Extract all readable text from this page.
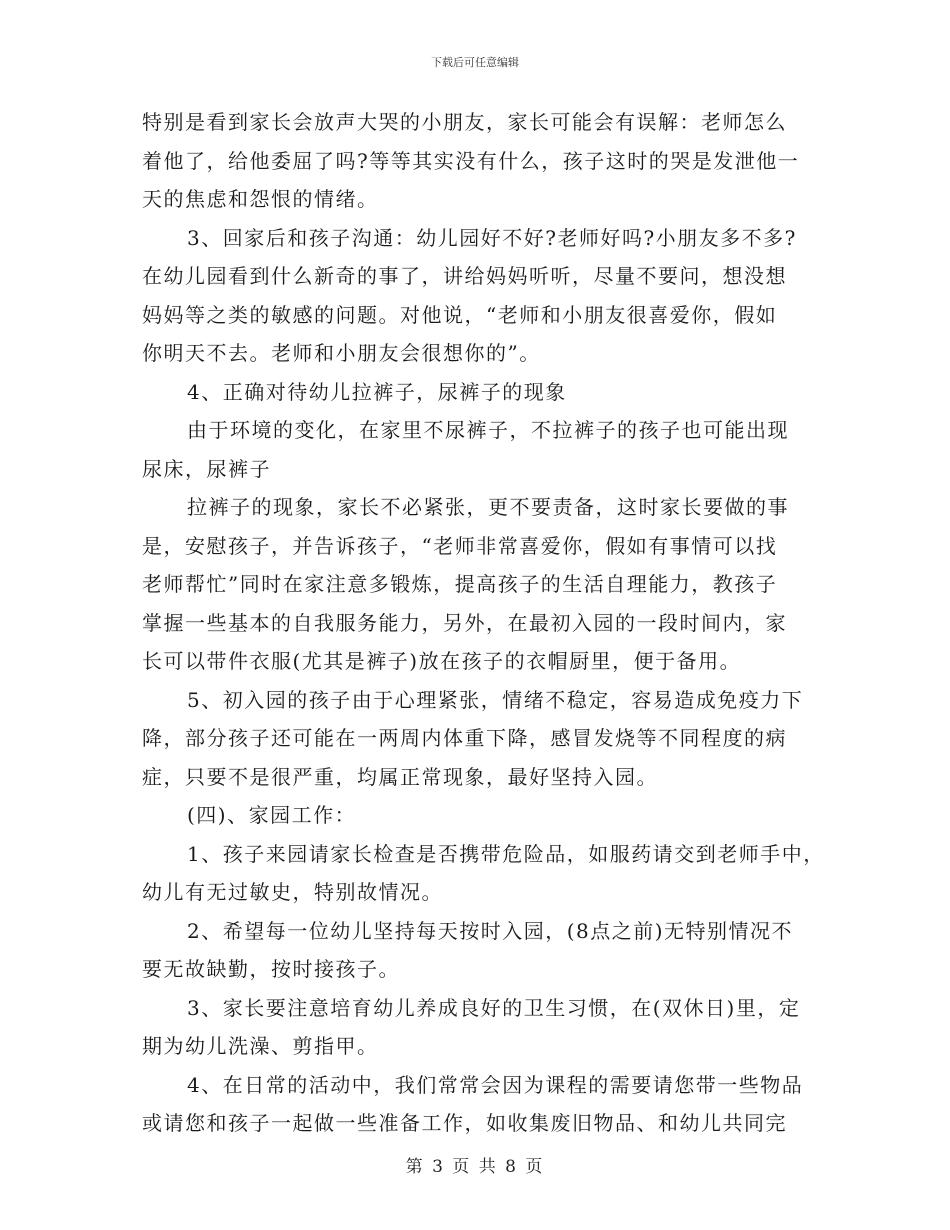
下载后可任意编辑
特别是看到家长会放声大哭的小朋友，家长可能会有误解：老师怎么
着他了，给他委屈了吗?等等其实没有什么，孩子这时的哭是发泄他一
天的焦虑和怨恨的情绪。
3、回家后和孩子沟通：幼儿园好不好?老师好吗?小朋友多不多?
在幼儿园看到什么新奇的事了，讲给妈妈听听，尽量不要问，想没想
妈妈等之类的敏感的问题。对他说，“老师和小朋友很喜爱你，假如
你明天不去。老师和小朋友会很想你的”。
4、正确对待幼儿拉裤子，尿裤子的现象
由于环境的变化，在家里不尿裤子，不拉裤子的孩子也可能出现
尿床，尿裤子
拉裤子的现象，家长不必紧张，更不要责备，这时家长要做的事
是，安慰孩子，并告诉孩子，“老师非常喜爱你，假如有事情可以找
老师帮忙”同时在家注意多锻炼，提高孩子的生活自理能力，教孩子
掌握一些基本的自我服务能力，另外，在最初入园的一段时间内，家
长可以带件衣服(尤其是裤子)放在孩子的衣帽厨里，便于备用。
5、初入园的孩子由于心理紧张，情绪不稳定，容易造成免疫力下
降，部分孩子还可能在一两周内体重下降，感冒发烧等不同程度的病
症，只要不是很严重，均属正常现象，最好坚持入园。
(四)、家园工作：
1、孩子来园请家长检查是否携带危险品，如服药请交到老师手中，
幼儿有无过敏史，特别故情况。
2、希望每一位幼儿坚持每天按时入园，(8点之前)无特别情况不
要无故缺勤，按时接孩子。
3、家长要注意培育幼儿养成良好的卫生习惯，在(双休日)里，定
期为幼儿洗澡、剪指甲。
4、在日常的活动中，我们常常会因为课程的需要请您带一些物品
或请您和孩子一起做一些准备工作，如收集废旧物品、和幼儿共同完
第 3 页 共 8 页
